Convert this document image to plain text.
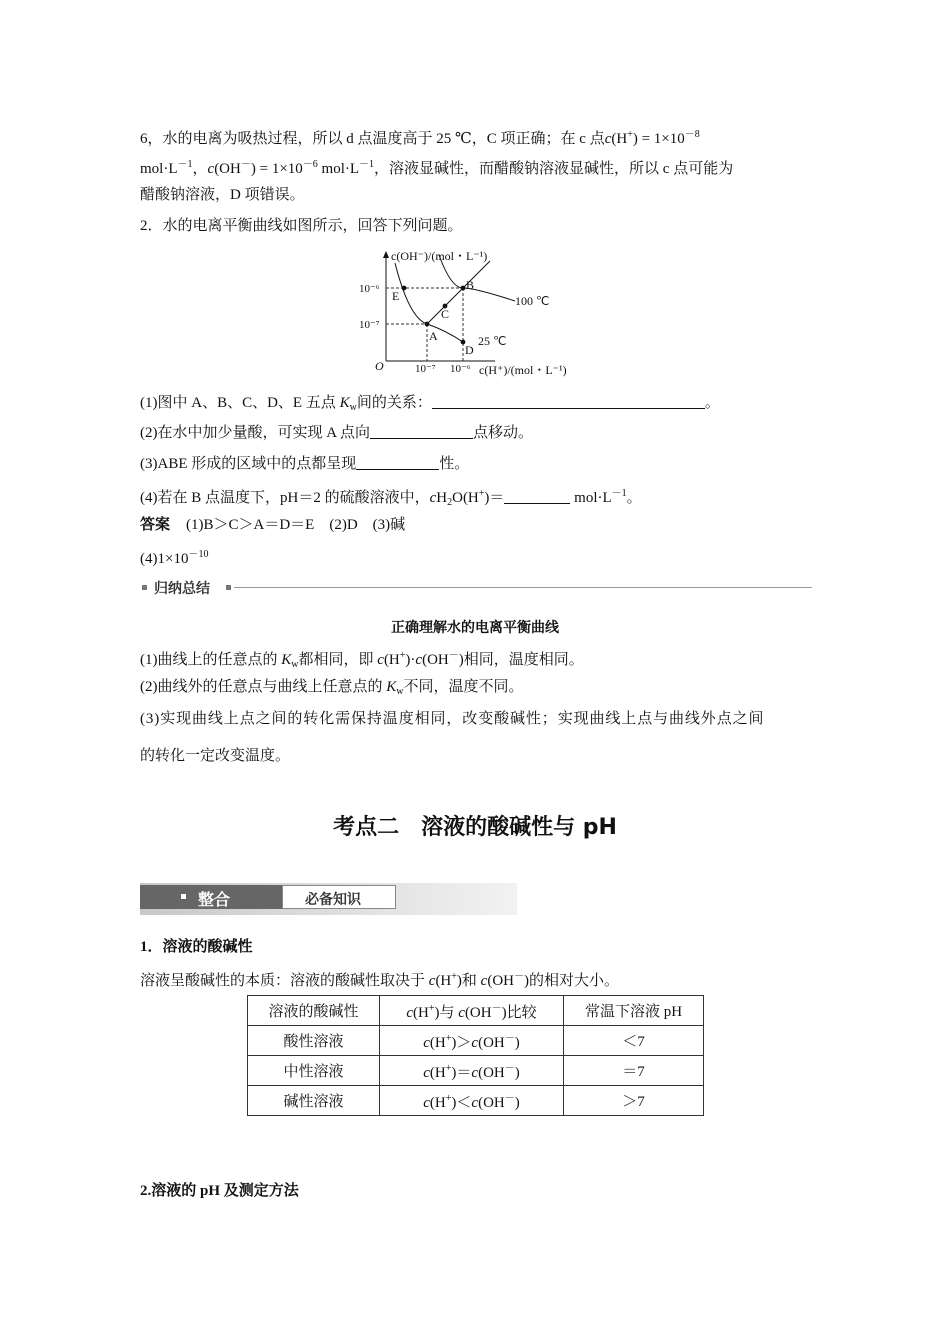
6，水的电离为吸热过程，所以 d 点温度高于 25 ℃，C 项正确；在 c 点$c(H^+) = 1\times 10^{-8}$
$mol\cdot L^{-1}$，$c(OH^-) = 1\times 10^{-6}$ $mol\cdot L^{-1}$，溶液显碱性，而醋酸钠溶液显碱性，所以 c 点可能为
醋酸钠溶液，D 项错误。
2．水的电离平衡曲线如图所示，回答下列问题。
c(OH⁻)/(mol・L⁻¹)
c(H⁺)/(mol・L⁻¹)
O
10⁻⁶
10⁻⁷
10⁻⁷ 10⁻⁶
25 ℃
100 ℃
A
B
C
D
E
(1)图中 A、B、C、D、E 五点 $K_w$间的关系：	。
(2)在水中加少量酸，可实现 A 点向	点移动。
(3)ABE 形成的区域中的点都呈现	性。
(4)若在 B 点温度下，pH＝2 的硫酸溶液中，$cH_2O(H^+)=$	$mol\cdot L^{-1}$。
答案 (1)B＞C＞A＝D＝E　(2)D　(3)碱
$(4)1\times 10^{-10}$
归纳总结
正确理解水的电离平衡曲线
(1)曲线上的任意点的 $K_w$都相同，即 c(H+)·c(OH－)相同，温度相同。
(2)曲线外的任意点与曲线上任意点的 $K_w$不同，温度不同。
(3)实现曲线上点之间的转化需保持温度相同，改变酸碱性；实现曲线上点与曲线外点之间
的转化一定改变温度。
考点二　溶液的酸碱性与 pH
整合	必备知识
1．溶液的酸碱性
溶液呈酸碱性的本质：溶液的酸碱性取决于 c(H+)和 c(OH－)的相对大小。
溶液的酸碱性	c(H+)与 c(OH－)比较	常温下溶液 pH
酸性溶液	c(H+)＞c(OH－)	＜7
中性溶液	c(H+)＝c(OH－)	＝7
碱性溶液	c(H+)＜c(OH－)	＞7
2.溶液的 pH 及测定方法
